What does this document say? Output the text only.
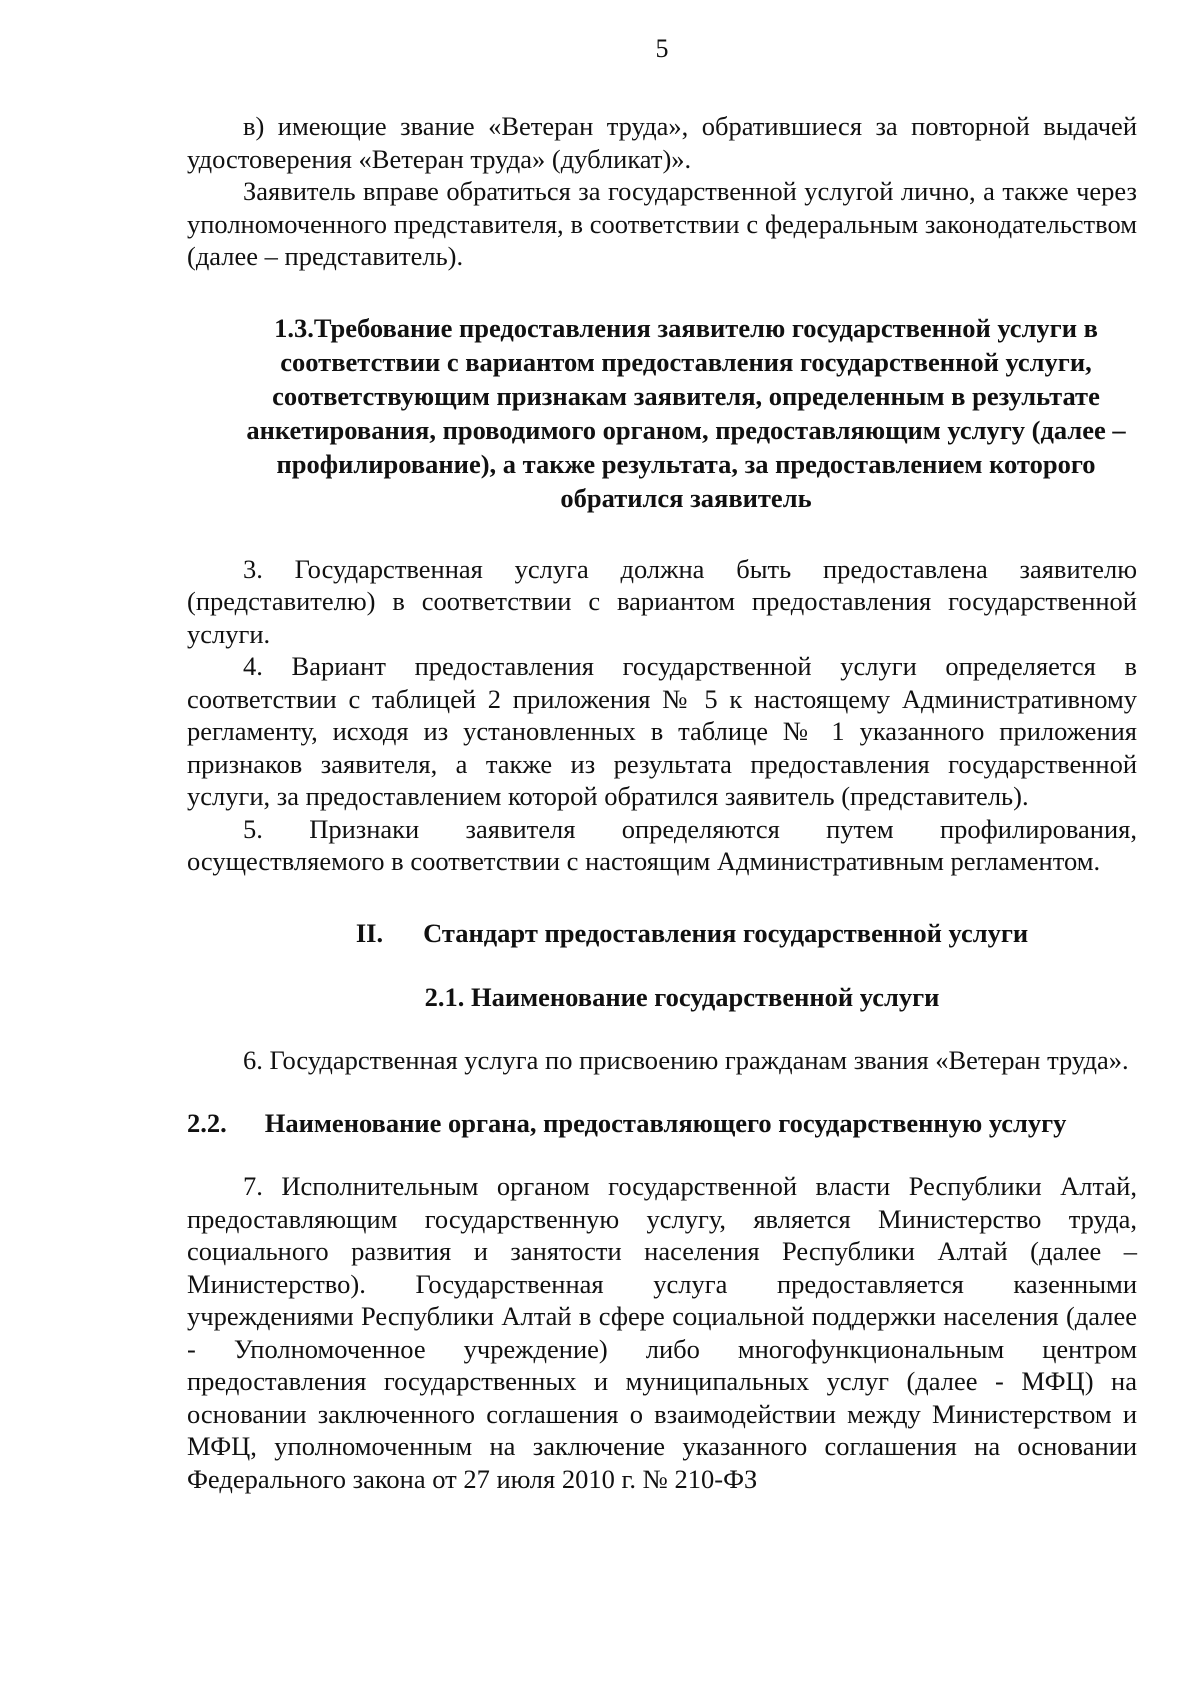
5

в) имеющие звание «Ветеран труда», обратившиеся за повторной выдачей удостоверения «Ветеран труда» (дубликат)».

Заявитель вправе обратиться за государственной услугой лично, а также через уполномоченного представителя, в соответствии с федеральным законодательством (далее – представитель).

1.3.Требование предоставления заявителю государственной услуги в соответствии с вариантом предоставления государственной услуги, соответствующим признакам заявителя, определенным в результате анкетирования, проводимого органом, предоставляющим услугу (далее – профилирование), а также результата, за предоставлением которого обратился заявитель

3. Государственная услуга должна быть предоставлена заявителю (представителю) в соответствии с вариантом предоставления государственной услуги.

4. Вариант предоставления государственной услуги определяется в соответствии с таблицей 2 приложения № 5 к настоящему Административному регламенту, исходя из установленных в таблице № 1 указанного приложения признаков заявителя, а также из результата предоставления государственной услуги, за предоставлением которой обратился заявитель (представитель).

5. Признаки заявителя определяются путем профилирования, осуществляемого в соответствии с настоящим Административным регламентом.

II. Стандарт предоставления государственной услуги
2.1. Наименование государственной услуги

6. Государственная услуга по присвоению гражданам звания «Ветеран труда».

2.2. Наименование органа, предоставляющего государственную услугу

7. Исполнительным органом государственной власти Республики Алтай, предоставляющим государственную услугу, является Министерство труда, социального развития и занятости населения Республики Алтай (далее – Министерство). Государственная услуга предоставляется казенными учреждениями Республики Алтай в сфере социальной поддержки населения (далее - Уполномоченное учреждение) либо многофункциональным центром предоставления государственных и муниципальных услуг (далее - МФЦ) на основании заключенного соглашения о взаимодействии между Министерством и МФЦ, уполномоченным на заключение указанного соглашения на основании Федерального закона от 27 июля 2010 г. № 210-ФЗ
